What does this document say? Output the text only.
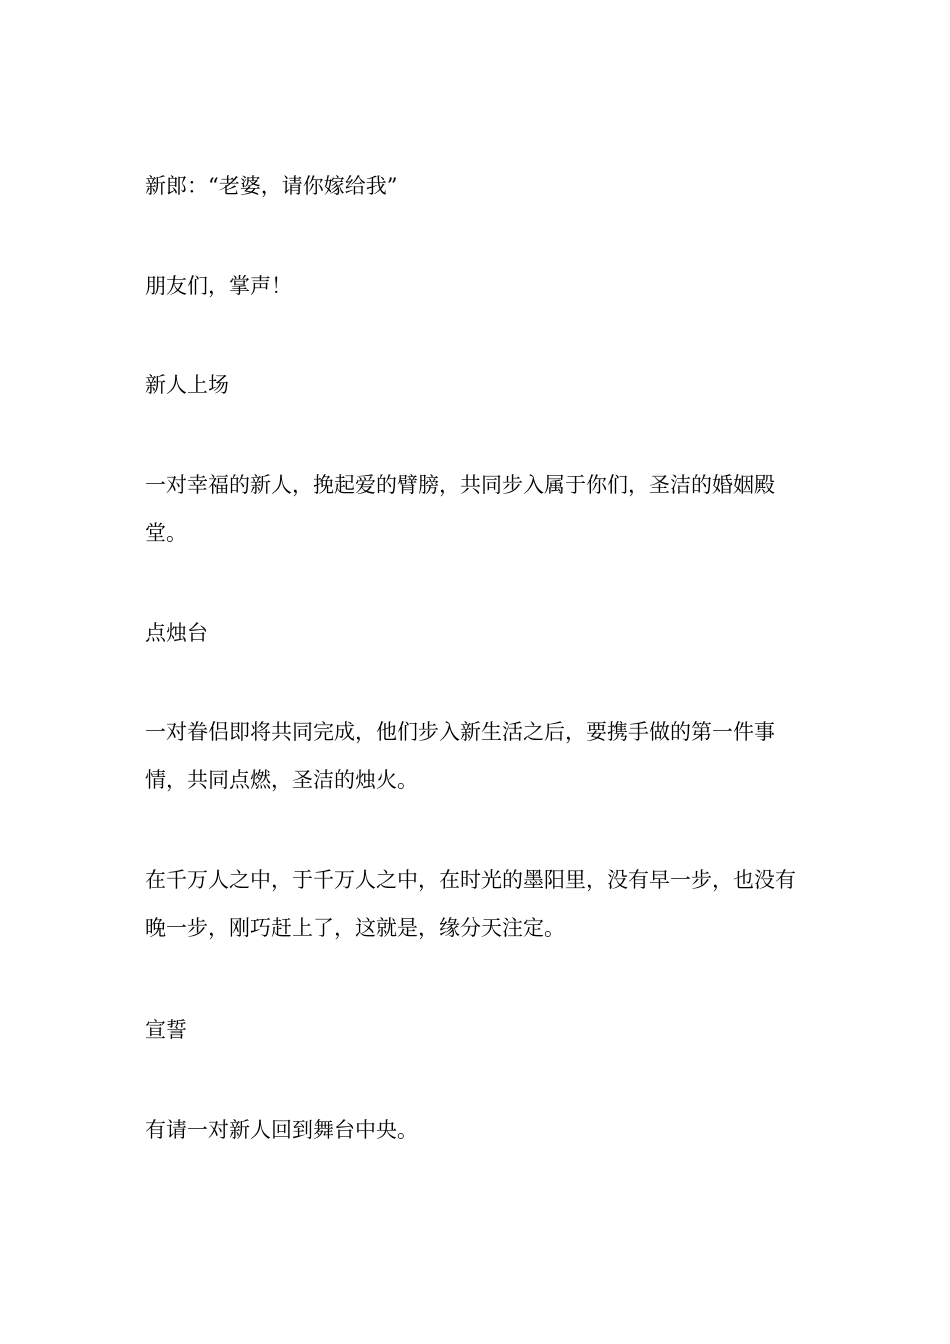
新郎：“老婆，请你嫁给我”

朋友们，掌声！

新人上场

一对幸福的新人，挽起爱的臂膀，共同步入属于你们，圣洁的婚姻殿堂。

点烛台

一对眷侣即将共同完成，他们步入新生活之后，要携手做的第一件事情，共同点燃，圣洁的烛火。

在千万人之中，于千万人之中，在时光的墨阳里，没有早一步，也没有晚一步，刚巧赶上了，这就是，缘分天注定。

宣誓

有请一对新人回到舞台中央。
